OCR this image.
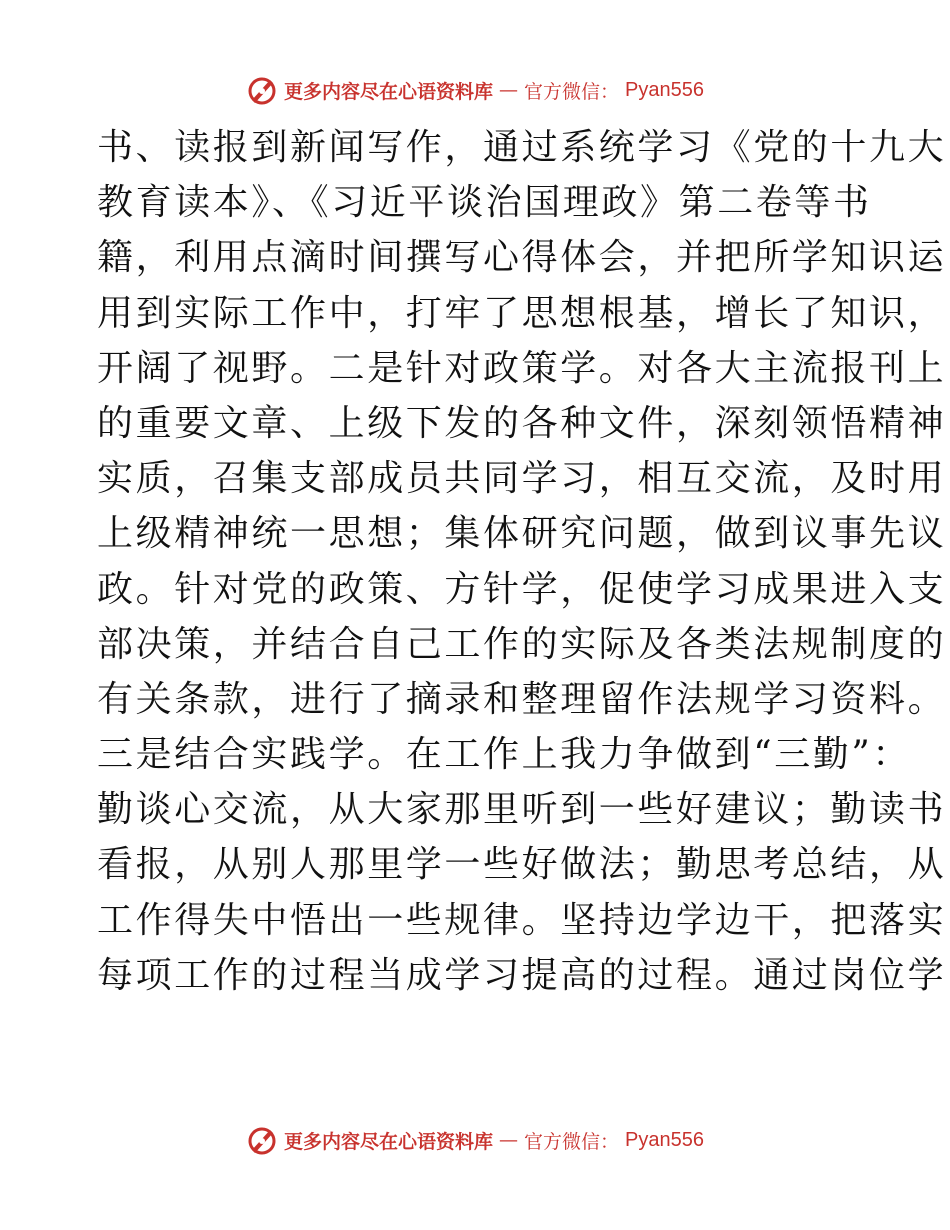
更多内容尽在心语资料库 — 官方微信： Pyan556
书、读报到新闻写作，通过系统学习《党的十九大
教育读本》、《习近平谈治国理政》第二卷等书
籍，利用点滴时间撰写心得体会，并把所学知识运
用到实际工作中，打牢了思想根基，增长了知识，
开阔了视野。二是针对政策学。对各大主流报刊上
的重要文章、上级下发的各种文件，深刻领悟精神
实质，召集支部成员共同学习，相互交流，及时用
上级精神统一思想；集体研究问题，做到议事先议
政。针对党的政策、方针学，促使学习成果进入支
部决策，并结合自己工作的实际及各类法规制度的
有关条款，进行了摘录和整理留作法规学习资料。
三是结合实践学。在工作上我力争做到“三勤”：
勤谈心交流，从大家那里听到一些好建议；勤读书
看报，从别人那里学一些好做法；勤思考总结，从
工作得失中悟出一些规律。坚持边学边干，把落实
每项工作的过程当成学习提高的过程。通过岗位学
更多内容尽在心语资料库 — 官方微信： Pyan556
